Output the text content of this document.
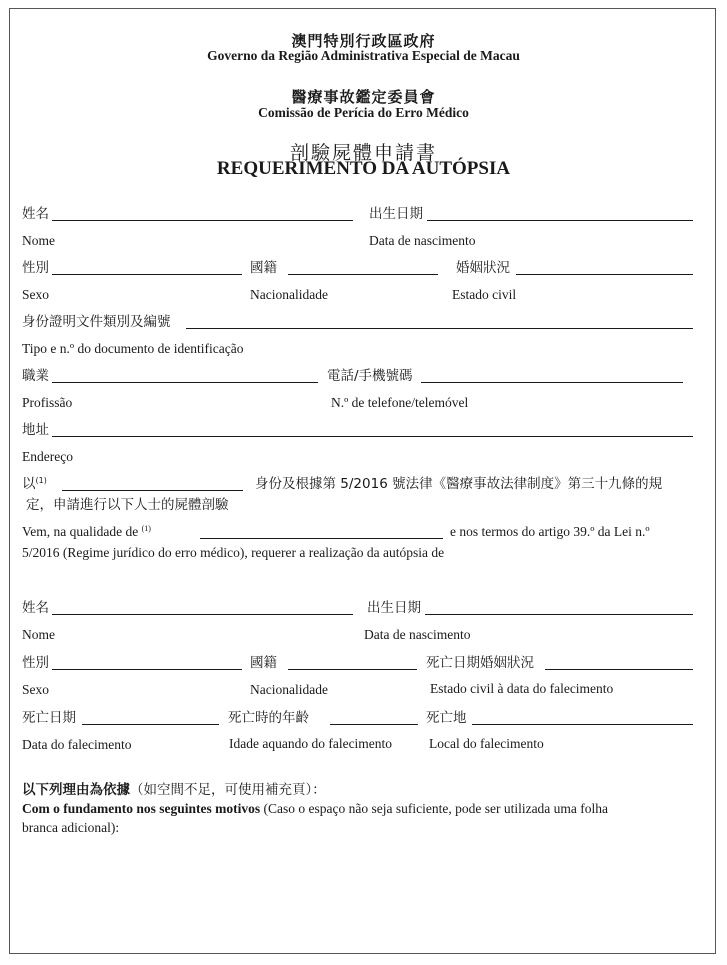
澳門特別行政區政府
Governo da Região Administrativa Especial de Macau
醫療事故鑑定委員會
Comissão de Perícia do Erro Médico
剖驗屍體申請書
REQUERIMENTO DA AUTÓPSIA
姓名	出生日期
Nome	Data de nascimento
性別	國籍	婚姻狀況
Sexo	Nacionalidade	Estado civil
身份證明文件類別及編號
Tipo e n.º do documento de identificação
職業	電話/手機號碼
Profissão	N.º de telefone/telemóvel
地址
Endereço
以$^{(1)}$	身份及根據第 5/2016 號法律《醫療事故法律制度》第三十九條的規
定，申請進行以下人士的屍體剖驗
Vem, na qualidade de $^{(1)}$	e nos termos do artigo 39.º da Lei n.º
5/2016 (Regime jurídico do erro médico), requerer a realização da autópsia de
姓名	出生日期
Nome	Data de nascimento
性別	國籍	死亡日期婚姻狀況
Sexo	Nacionalidade	Estado civil à data do falecimento
死亡日期	死亡時的年齡	死亡地
Data do falecimento	Idade aquando do falecimento	Local do falecimento
以下列理由為依據（如空間不足，可使用補充頁）：
Com o fundamento nos seguintes motivos (Caso o espaço não seja suficiente, pode ser utilizada uma folha
branca adicional):
